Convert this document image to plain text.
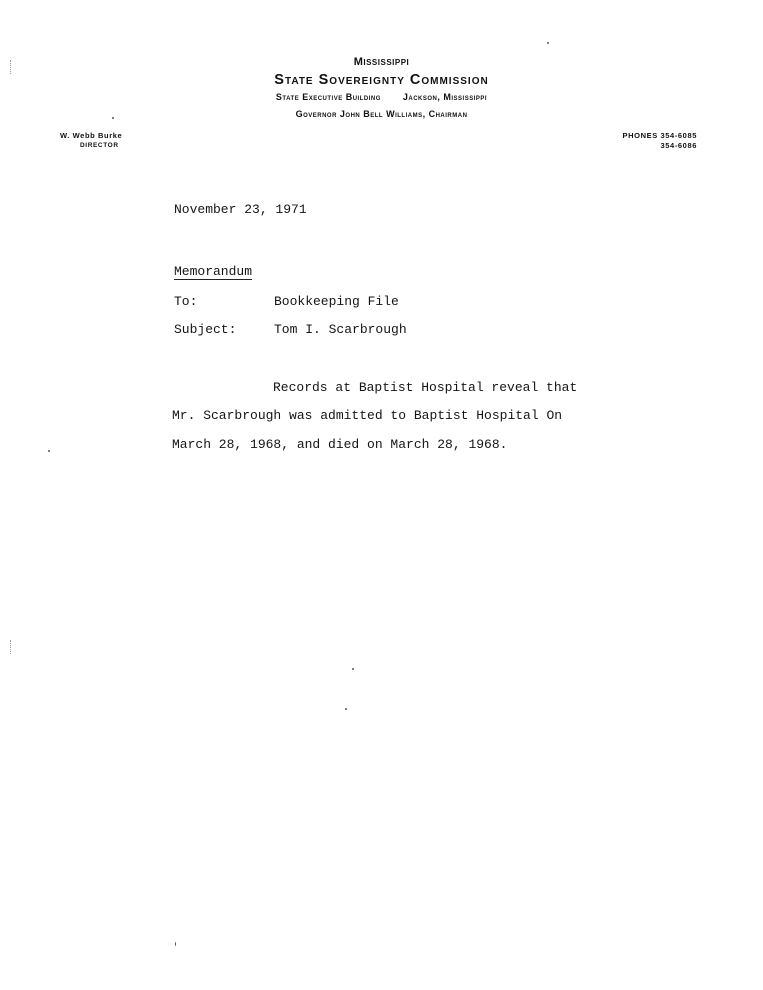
Mississippi
State Sovereignty Commission
State Executive Building Jackson, Mississippi
Governor John Bell Williams, Chairman
W. Webb Burke
DIRECTOR
PHONES 354-6085
354-6086
November 23, 1971
Memorandum
To:	Bookkeeping File
Subject:	Tom I. Scarbrough
Records at Baptist Hospital reveal that
Mr. Scarbrough was admitted to Baptist Hospital On
March 28, 1968, and died on March 28, 1968.
